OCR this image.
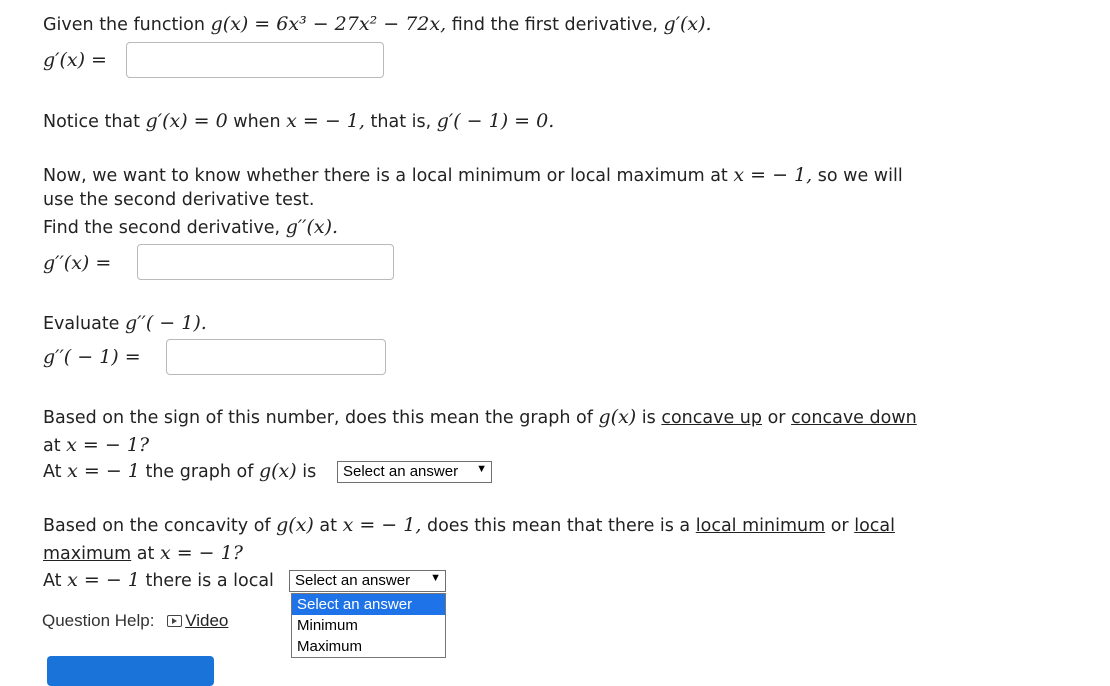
Given the function g(x) = 6x³ − 27x² − 72x, find the first derivative, g′(x).
g′(x) =
Notice that g′(x) = 0 when x = − 1, that is, g′( − 1) = 0.
Now, we want to know whether there is a local minimum or local maximum at x = − 1, so we will
use the second derivative test.
Find the second derivative, g′′(x).
g′′(x) =
Evaluate g′′( − 1).
g′′( − 1) =
Based on the sign of this number, does this mean the graph of g(x) is concave up or concave down
at x = − 1?
At x = − 1 the graph of g(x) is	Select an answer ▼
Based on the concavity of g(x) at x = − 1, does this mean that there is a local minimum or local
maximum at x = − 1?
At x = − 1 there is a local	Select an answer ▼
Select an answer
Minimum
Maximum
Question Help: Video
